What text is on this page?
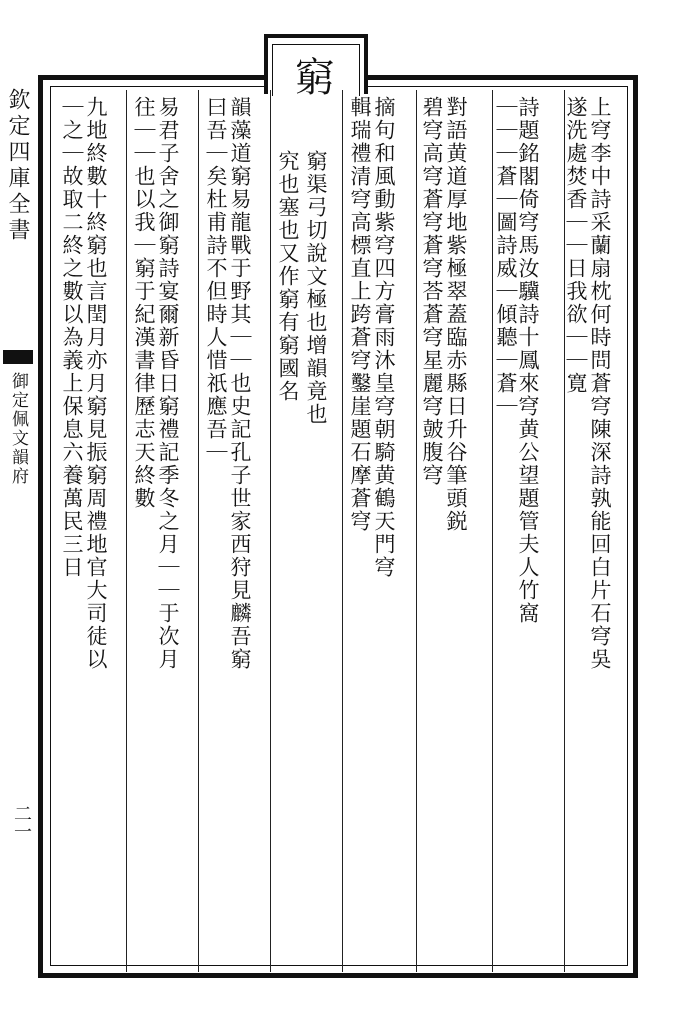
窮
欽定四庫全書
御定佩文韻府
二一
上穹李中詩采蘭扇枕何時問蒼穹陳深詩孰能回白片石穹吳
遂洗處焚香｜｜日我欲｜｜寛
詩題銘閣倚穹馬汝驥詩十鳳來穹黄公望題管夫人竹窩
｜｜｜蒼｜圖詩威｜傾聽｜蒼｜
對語黄道厚地紫極翠蓋臨赤縣日升谷筆頭鋭
碧穹高穹蒼穹蒼穹荅蒼穹星麗穹皷腹穹
摘句和風動紫穹四方膏雨沐皇穹朝騎黄鶴天門穹
輯瑞禮清穹高標直上跨蒼穹鑿崖題石摩蒼穹
窮渠弓切說文極也增韻竟也
究也塞也又作窮有窮國名
韻藻道窮易龍戰于野其｜｜也史記孔子世家西狩見麟吾窮
曰吾｜矣杜甫詩不但時人惜祇應吾｜
易君子舍之御窮詩宴爾新昏日窮禮記季冬之月｜｜于次月
往｜｜也以我｜窮于紀漢書律歷志天終數
九地終數十終窮也言閏月亦月窮見振窮周禮地官大司徒以
｜之｜故取二終之數以為義上保息六養萬民三日
